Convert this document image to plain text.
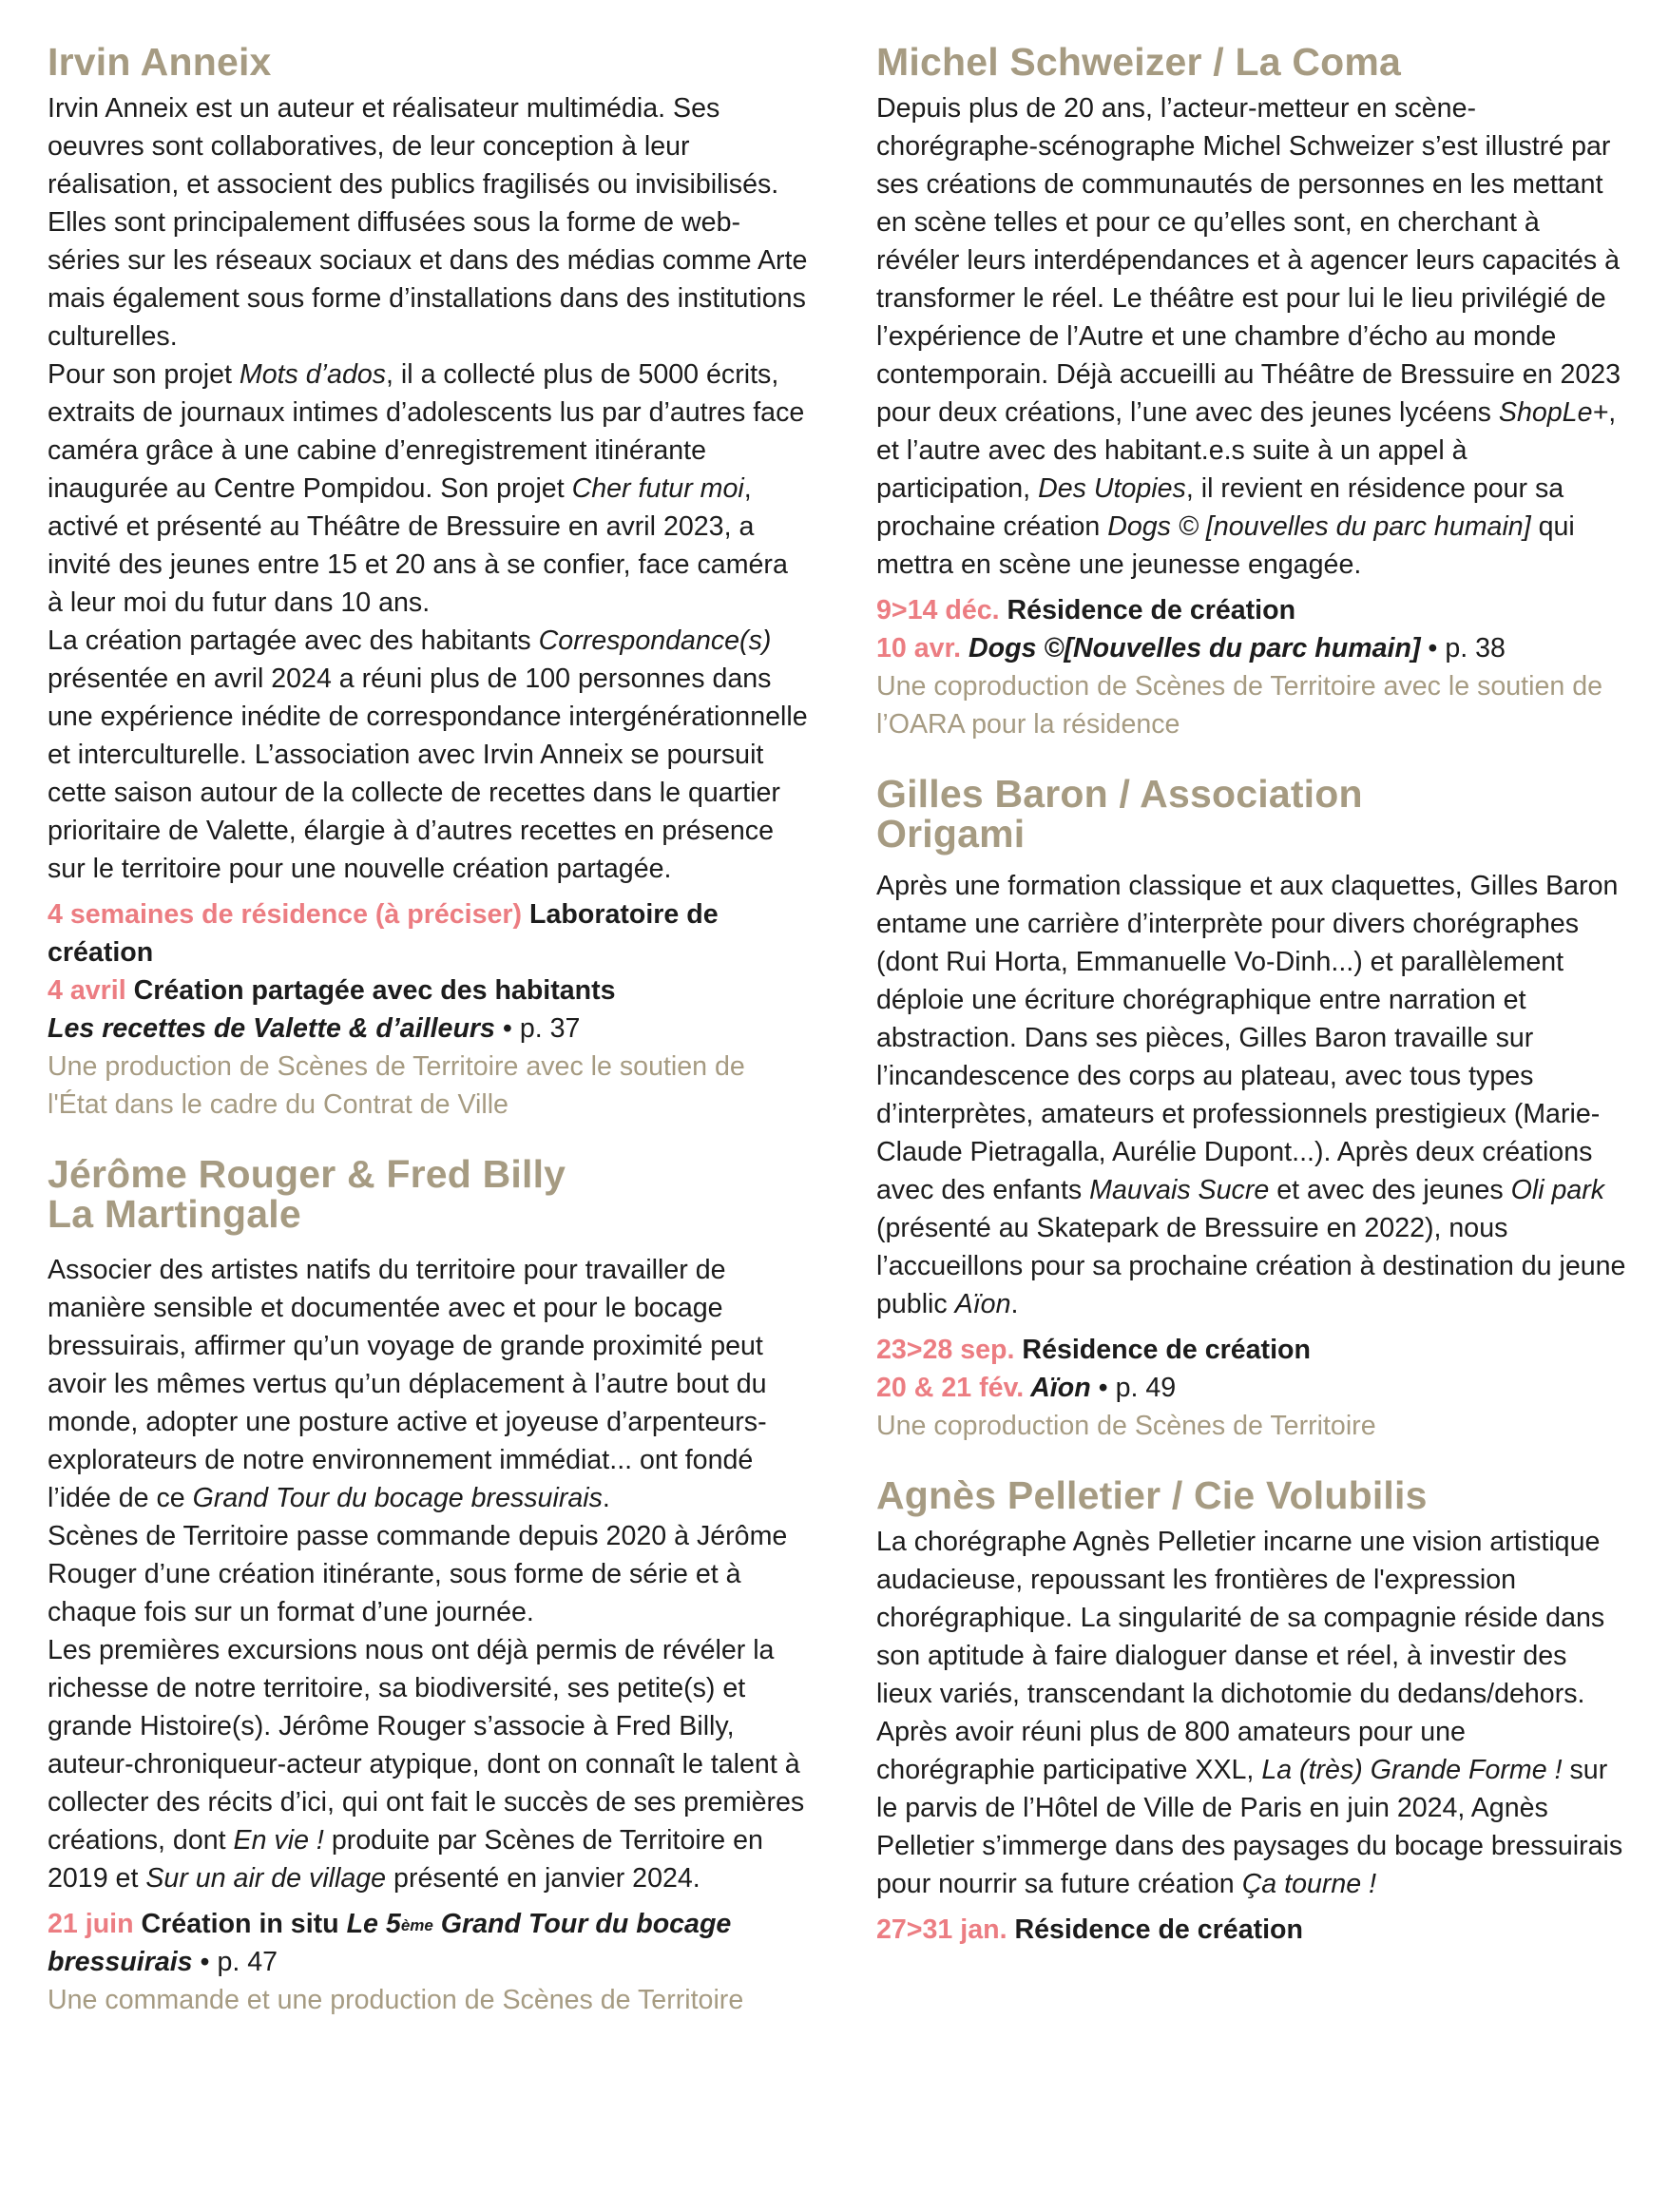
Irvin Anneix

Irvin Anneix est un auteur et réalisateur multimédia. Ses oeuvres sont collaboratives, de leur conception à leur réalisation, et associent des publics fragilisés ou invisibilisés. Elles sont principalement diffusées sous la forme de web-séries sur les réseaux sociaux et dans des médias comme Arte mais également sous forme d’installations dans des institutions culturelles.

Pour son projet Mots d’ados, il a collecté plus de 5000 écrits, extraits de journaux intimes d’adolescents lus par d’autres face caméra grâce à une cabine d’enregistrement itinérante inaugurée au Centre Pompidou. Son projet Cher futur moi, activé et présenté au Théâtre de Bressuire en avril 2023, a invité des jeunes entre 15 et 20 ans à se confier, face caméra à leur moi du futur dans 10 ans.

La création partagée avec des habitants Correspondance(s) présentée en avril 2024 a réuni plus de 100 personnes dans une expérience inédite de correspondance intergénérationnelle et interculturelle. L’association avec Irvin Anneix se poursuit cette saison autour de la collecte de recettes dans le quartier prioritaire de Valette, élargie à d’autres recettes en présence sur le territoire pour une nouvelle création partagée.

4 semaines de résidence (à préciser) Laboratoire de création

4 avril Création partagée avec des habitants
Les recettes de Valette & d’ailleurs • p. 37

Une production de Scènes de Territoire avec le soutien de l'État dans le cadre du Contrat de Ville

Jérôme Rouger & Fred Billy
La Martingale

Associer des artistes natifs du territoire pour travailler de manière sensible et documentée avec et pour le bocage bressuirais, affirmer qu’un voyage de grande proximité peut avoir les mêmes vertus qu’un déplacement à l’autre bout du monde, adopter une posture active et joyeuse d’arpenteurs-explorateurs de notre environnement immédiat... ont fondé l’idée de ce Grand Tour du bocage bressuirais.

Scènes de Territoire passe commande depuis 2020 à Jérôme Rouger d’une création itinérante, sous forme de série et à chaque fois sur un format d’une journée.

Les premières excursions nous ont déjà permis de révéler la richesse de notre territoire, sa biodiversité, ses petite(s) et grande Histoire(s). Jérôme Rouger s’associe à Fred Billy, auteur-chroniqueur-acteur atypique, dont on connaît le talent à collecter des récits d’ici, qui ont fait le succès de ses premières créations, dont En vie ! produite par Scènes de Territoire en 2019 et Sur un air de village présenté en janvier 2024.

21 juin Création in situ Le 5ème Grand Tour du bocage bressuirais • p. 47

Une commande et une production de Scènes de Territoire

Michel Schweizer / La Coma

Depuis plus de 20 ans, l’acteur-metteur en scène-chorégraphe-scénographe Michel Schweizer s’est illustré par ses créations de communautés de personnes en les mettant en scène telles et pour ce qu’elles sont, en cherchant à révéler leurs interdépendances et à agencer leurs capacités à transformer le réel. Le théâtre est pour lui le lieu privilégié de l’expérience de l’Autre et une chambre d’écho au monde contemporain. Déjà accueilli au Théâtre de Bressuire en 2023 pour deux créations, l’une avec des jeunes lycéens ShopLe+, et l’autre avec des habitant.e.s suite à un appel à participation, Des Utopies, il revient en résidence pour sa prochaine création Dogs © [nouvelles du parc humain] qui mettra en scène une jeunesse engagée.

9>14 déc. Résidence de création

10 avr. Dogs ©[Nouvelles du parc humain] • p. 38

Une coproduction de Scènes de Territoire avec le soutien de l’OARA pour la résidence

Gilles Baron / Association
Origami

Après une formation classique et aux claquettes, Gilles Baron entame une carrière d’interprète pour divers chorégraphes (dont Rui Horta, Emmanuelle Vo-Dinh...) et parallèlement déploie une écriture chorégraphique entre narration et abstraction. Dans ses pièces, Gilles Baron travaille sur l’incandescence des corps au plateau, avec tous types d’interprètes, amateurs et professionnels prestigieux (Marie-Claude Pietragalla, Aurélie Dupont...). Après deux créations avec des enfants Mauvais Sucre et avec des jeunes Oli park (présenté au Skatepark de Bressuire en 2022), nous l’accueillons pour sa prochaine création à destination du jeune public Aïon.

23>28 sep. Résidence de création

20 & 21 fév. Aïon • p. 49

Une coproduction de Scènes de Territoire

Agnès Pelletier / Cie Volubilis

La chorégraphe Agnès Pelletier incarne une vision artistique audacieuse, repoussant les frontières de l'expression chorégraphique. La singularité de sa compagnie réside dans son aptitude à faire dialoguer danse et réel, à investir des lieux variés, transcendant la dichotomie du dedans/dehors. Après avoir réuni plus de 800 amateurs pour une chorégraphie participative XXL, La (très) Grande Forme ! sur le parvis de l’Hôtel de Ville de Paris en juin 2024, Agnès Pelletier s’immerge dans des paysages du bocage bressuirais pour nourrir sa future création Ça tourne !

27>31 jan. Résidence de création
